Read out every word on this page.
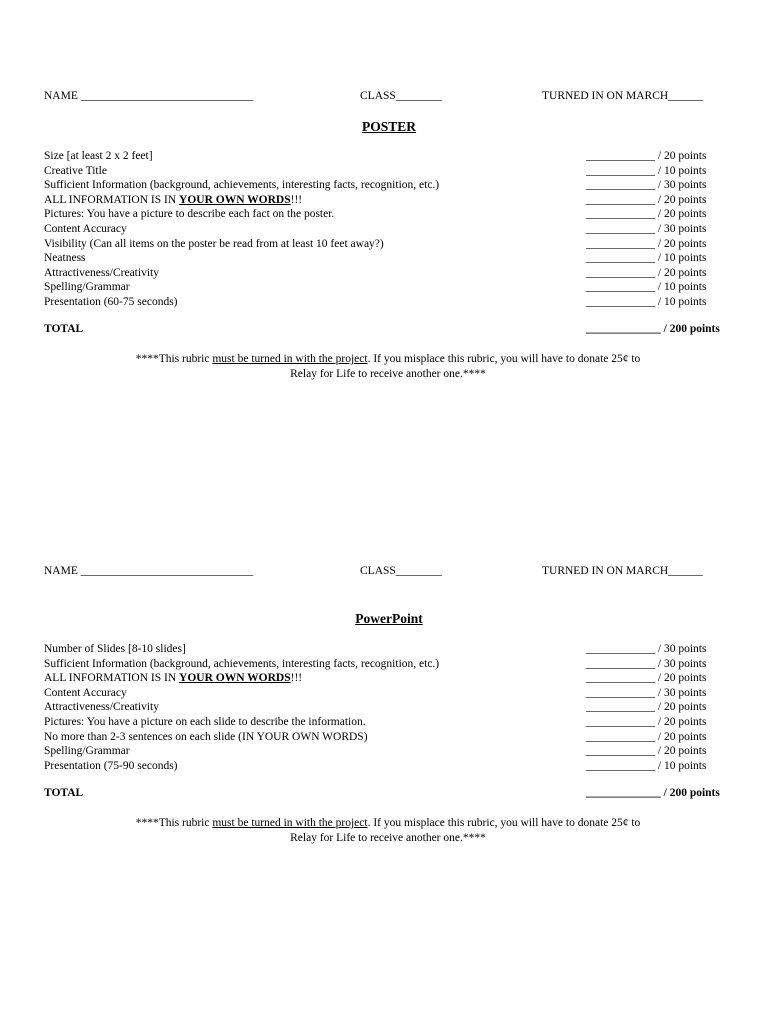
NAME ______________________________	CLASS________	TURNED IN ON MARCH______
POSTER
Size [at least 2 x 2 feet]	____________ / 20 points
Creative Title	____________ / 10 points
Sufficient Information (background, achievements, interesting facts, recognition, etc.)	____________ / 30 points
ALL INFORMATION IS IN YOUR OWN WORDS!!!	____________ / 20 points
Pictures: You have a picture to describe each fact on the poster.	____________ / 20 points
Content Accuracy	____________ / 30 points
Visibility (Can all items on the poster be read from at least 10 feet away?)	____________ / 20 points
Neatness	____________ / 10 points
Attractiveness/Creativity	____________ / 20 points
Spelling/Grammar	____________ / 10 points
Presentation (60-75 seconds)	____________ / 10 points
TOTAL	_____________ / 200 points
****This rubric must be turned in with the project. If you misplace this rubric, you will have to donate 25¢ to
Relay for Life to receive another one.****
NAME ______________________________	CLASS________	TURNED IN ON MARCH______
PowerPoint
Number of Slides [8-10 slides]	____________ / 30 points
Sufficient Information (background, achievements, interesting facts, recognition, etc.)	____________ / 30 points
ALL INFORMATION IS IN YOUR OWN WORDS!!!	____________ / 20 points
Content Accuracy	____________ / 30 points
Attractiveness/Creativity	____________ / 20 points
Pictures: You have a picture on each slide to describe the information.	____________ / 20 points
No more than 2-3 sentences on each slide (IN YOUR OWN WORDS)	____________ / 20 points
Spelling/Grammar	____________ / 20 points
Presentation (75-90 seconds)	____________ / 10 points
TOTAL	_____________ / 200 points
****This rubric must be turned in with the project. If you misplace this rubric, you will have to donate 25¢ to
Relay for Life to receive another one.****
